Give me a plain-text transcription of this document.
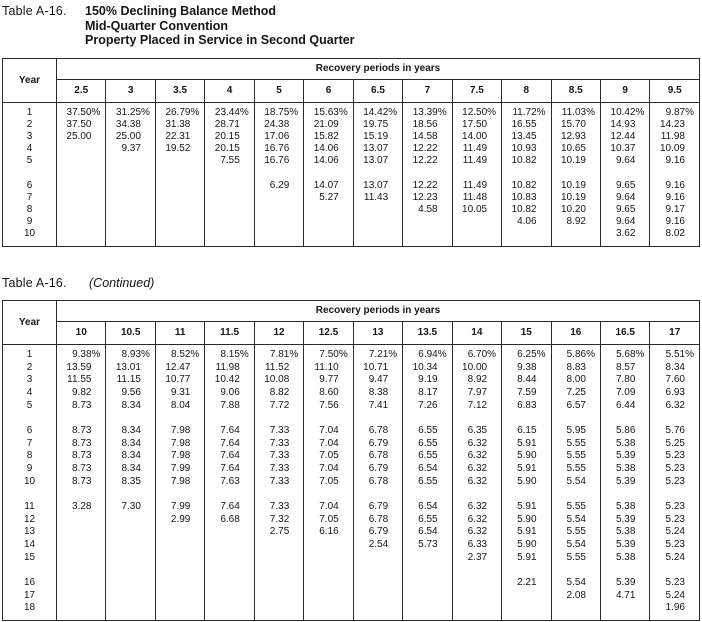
Table A-16.	150% Declining Balance Method
Mid-Quarter Convention
Property Placed in Service in Second Quarter
Year	Recovery periods in years												
	2.5	3	3.5	4	5	6	6.5	7	7.5	8	8.5	9	9.5

1	37.50%	31.25%	26.79%	23.44%	18.75%	15.63%	14.42%	13.39%	12.50%	11.72%	11.03%	10.42%	9.87%
2	37.50	34.38	31.38	28.71	24.38	21.09	19.75	18.56	17.50	16.55	15.70	14.93	14.23
3	25.00	25.00	22.31	20.15	17.06	15.82	15.19	14.58	14.00	13.45	12.93	12.44	11.98
4		9.37	19.52	20.15	16.76	14.06	13.07	12.22	11.49	10.93	10.65	10.37	10.09
5				7.55	16.76	14.06	13.07	12.22	11.49	10.82	10.19	9.64	9.16

6					6.29	14.07	13.07	12.22	11.49	10.82	10.19	9.65	9.16
7						5.27	11.43	12.23	11.48	10.83	10.19	9.64	9.16
8								4.58	10.05	10.82	10.20	9.65	9.17
9										4.06	8.92	9.64	9.16
10												3.62	8.02

Table A-16.	(Continued)
Year	Recovery periods in years												
	10	10.5	11	11.5	12	12.5	13	13.5	14	15	16	16.5	17

1	9.38%	8.93%	8.52%	8.15%	7.81%	7.50%	7.21%	6.94%	6.70%	6.25%	5.86%	5.68%	5.51%
2	13.59	13.01	12.47	11.98	11.52	11.10	10.71	10.34	10.00	9.38	8.83	8.57	8.34
3	11.55	11.15	10.77	10.42	10.08	9.77	9.47	9.19	8.92	8.44	8.00	7.80	7.60
4	9.82	9.56	9.31	9.06	8.82	8.60	8.38	8.17	7.97	7.59	7.25	7.09	6.93
5	8.73	8.34	8.04	7.88	7.72	7.56	7.41	7.26	7.12	6.83	6.57	6.44	6.32

6	8.73	8.34	7.98	7.64	7.33	7.04	6.78	6.55	6.35	6.15	5.95	5.86	5.76
7	8.73	8.34	7.98	7.64	7.33	7.04	6.79	6.55	6.32	5.91	5.55	5.38	5.25
8	8.73	8.34	7.98	7.64	7.33	7.05	6.78	6.55	6.32	5.90	5.55	5.39	5.23
9	8.73	8.34	7.99	7.64	7.33	7.04	6.79	6.54	6.32	5.91	5.55	5.38	5.23
10	8.73	8.35	7.98	7.63	7.33	7.05	6.78	6.55	6.32	5.90	5.54	5.39	5.23

11	3.28	7.30	7.99	7.64	7.33	7.04	6.79	6.54	6.32	5.91	5.55	5.38	5.23
12			2.99	6.68	7.32	7.05	6.78	6.55	6.32	5.90	5.54	5.39	5.23
13					2.75	6.16	6.79	6.54	6.32	5.91	5.55	5.38	5.24
14							2.54	5.73	6.33	5.90	5.54	5.39	5.23
15									2.37	5.91	5.55	5.38	5.24

16										2.21	5.54	5.39	5.23
17											2.08	4.71	5.24
18													1.96
